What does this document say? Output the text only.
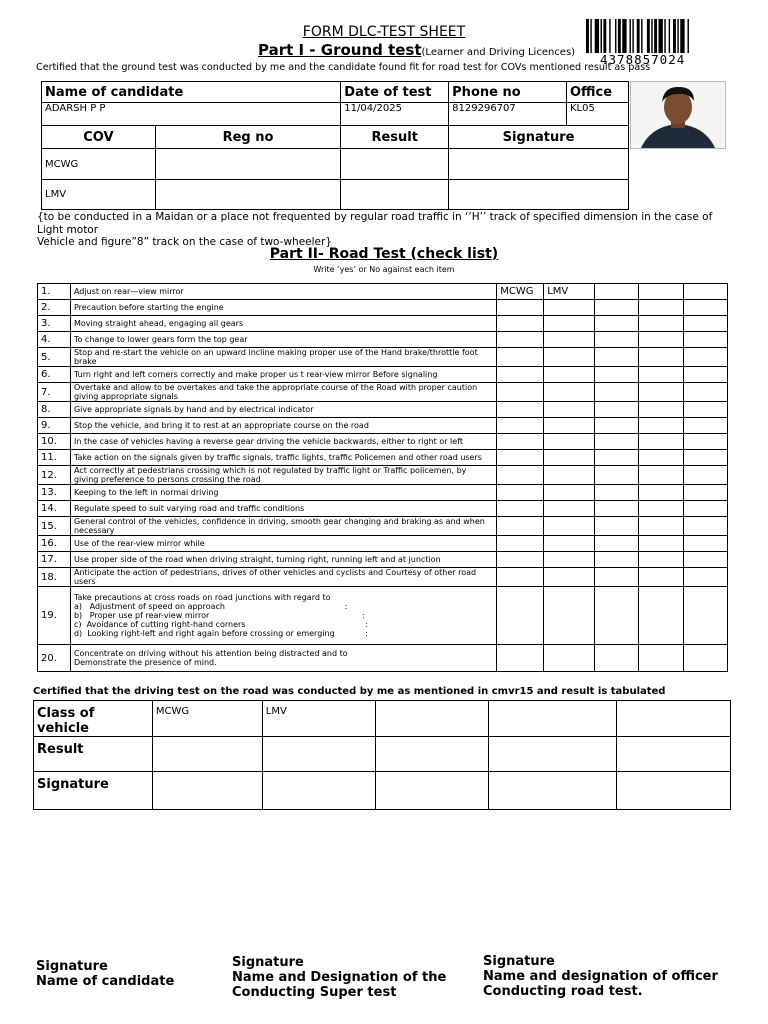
FORM DLC-TEST SHEET
Part I - Ground test(Learner and Driving Licences)
Certified that the ground test was conducted by me and the candidate found fit for road test for COVs mentioned result as pass
4378857024
Name of candidate		Date of test	Phone no	Office
ADARSH P P		11/04/2025	8129296707	KL05
COV	Reg no	Result	Signature	
MCWG				
LMV				
{to be conducted in a Maidan or a place not frequented by regular road traffic in ‘’H’’ track of specified dimension in the case of Light motor
Vehicle and figure”8” track on the case of two-wheeler}
Part II- Road Test (check list)
Write ‘yes’ or No against each item
1.	Adjust on rear—view mirror	MCWG	LMV			
2.	Precaution before starting the engine					
3.	Moving straight ahead, engaging all gears					
4.	To change to lower gears form the top gear					
5.	Stop and re-start the vehicle on an upward incline making proper use of the Hand brake/throttle foot brake					
6.	Turn right and left corners correctly and make proper us t rear-view mirror Before signaling					
7.	Overtake and allow to be overtakes and take the appropriate course of the Road with proper caution giving appropriate signals					
8.	Give appropriate signals by hand and by electrical indicator					
9.	Stop the vehicle, and bring it to rest at an appropriate course on the road					
10.	In the case of vehicles having a reverse gear driving the vehicle backwards, either to right or left					
11.	Take action on the signals given by traffic signals, traffic lights, traffic Policemen and other road users					
12.	Act correctly at pedestrians crossing which is not regulated by traffic light or Traffic policemen, by giving preference to persons crossing the road					
13.	Keeping to the left in normal driving					
14.	Regulate speed to suit varying road and traffic conditions					
15.	General control of the vehicles, confidence in driving, smooth gear changing and braking as and when necessary					
16.	Use of the rear-view mirror while					
17.	Use proper side of the road when driving straight, turning right, running left and at junction					
18.	Anticipate the action of pedestrians, drives of other vehicles and cyclists and Courtesy of other road users					
19.	Take precautions at cross roads on road junctions with regard to
a)   Adjustment of speed on approach                                               :
b)   Proper use pf rear-view mirror                                                            :
c)  Avoidance of cutting right-hand corners                                               :
d)  Looking right-left and right again before crossing or emerging            :					
20.	Concentrate on driving without his attention being distracted and to
Demonstrate the presence of mind.					
Certified that the driving test on the road was conducted by me as mentioned in cmvr15 and result is tabulated
Class of vehicle	MCWG	LMV			
Result					
Signature					
Signature
Name of candidate
Signature
Name and Designation of the
Conducting Super test
Signature
Name and designation of officer
Conducting road test.
